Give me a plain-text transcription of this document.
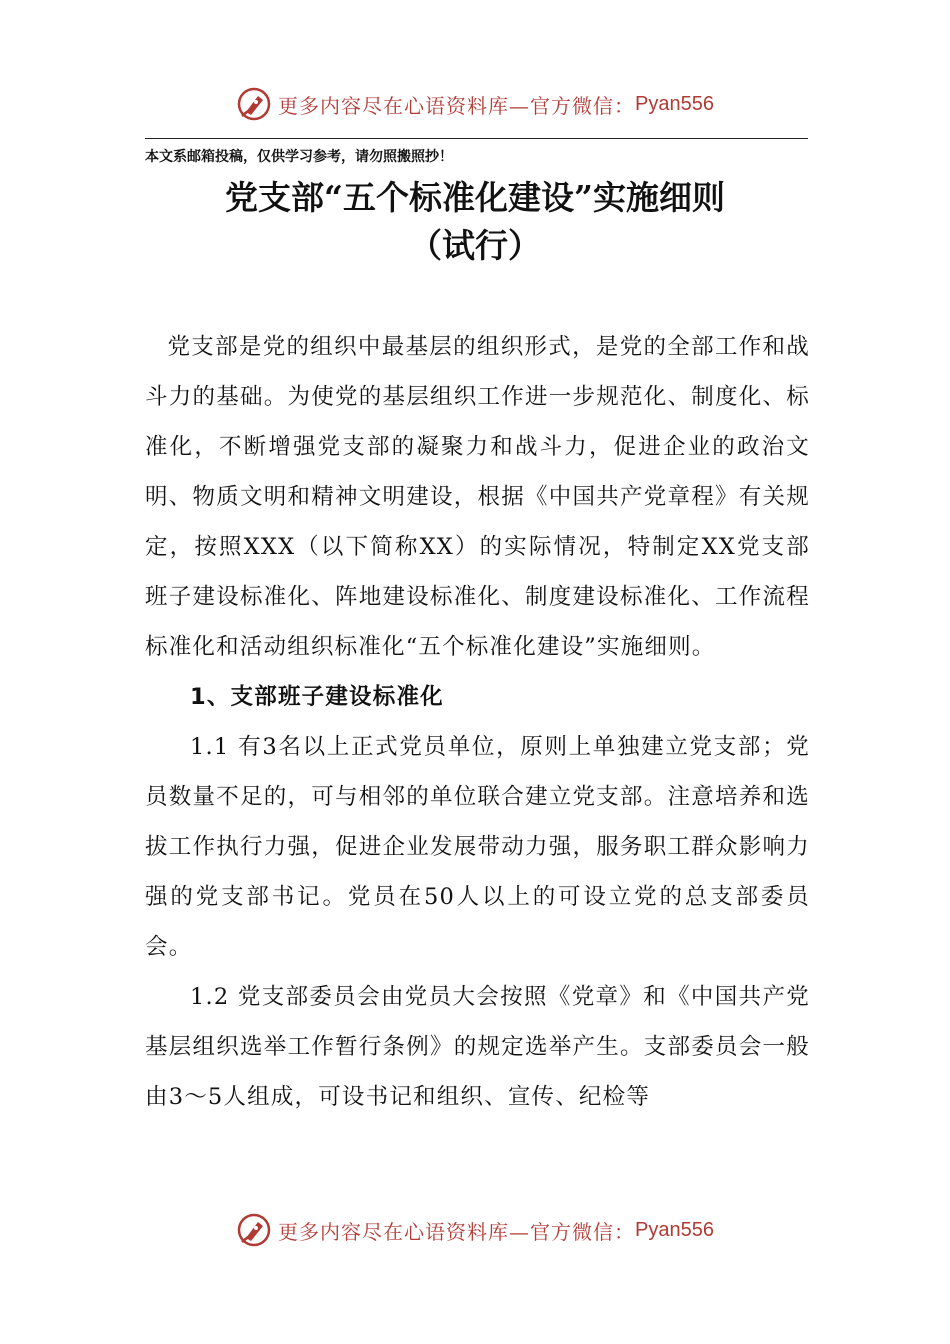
更多内容尽在心语资料库—官方微信： Pyan556
本文系邮箱投稿，仅供学习参考，请勿照搬照抄！
党支部“五个标准化建设”实施细则
（试行）

党支部是党的组织中最基层的组织形式，是党的全部工作和战斗力的基础。为使党的基层组织工作进一步规范化、制度化、标准化，不断增强党支部的凝聚力和战斗力，促进企业的政治文明、物质文明和精神文明建设，根据《中国共产党章程》有关规定，按照XXX（以下简称XX）的实际情况，特制定XX党支部班子建设标准化、阵地建设标准化、制度建设标准化、工作流程标准化和活动组织标准化“五个标准化建设”实施细则。

1、支部班子建设标准化

1.1 有3名以上正式党员单位，原则上单独建立党支部；党员数量不足的，可与相邻的单位联合建立党支部。注意培养和选拔工作执行力强，促进企业发展带动力强，服务职工群众影响力强的党支部书记。党员在50人以上的可设立党的总支部委员会。

1.2 党支部委员会由党员大会按照《党章》和《中国共产党基层组织选举工作暂行条例》的规定选举产生。支部委员会一般由3～5人组成，可设书记和组织、宣传、纪检等

更多内容尽在心语资料库—官方微信： Pyan556
